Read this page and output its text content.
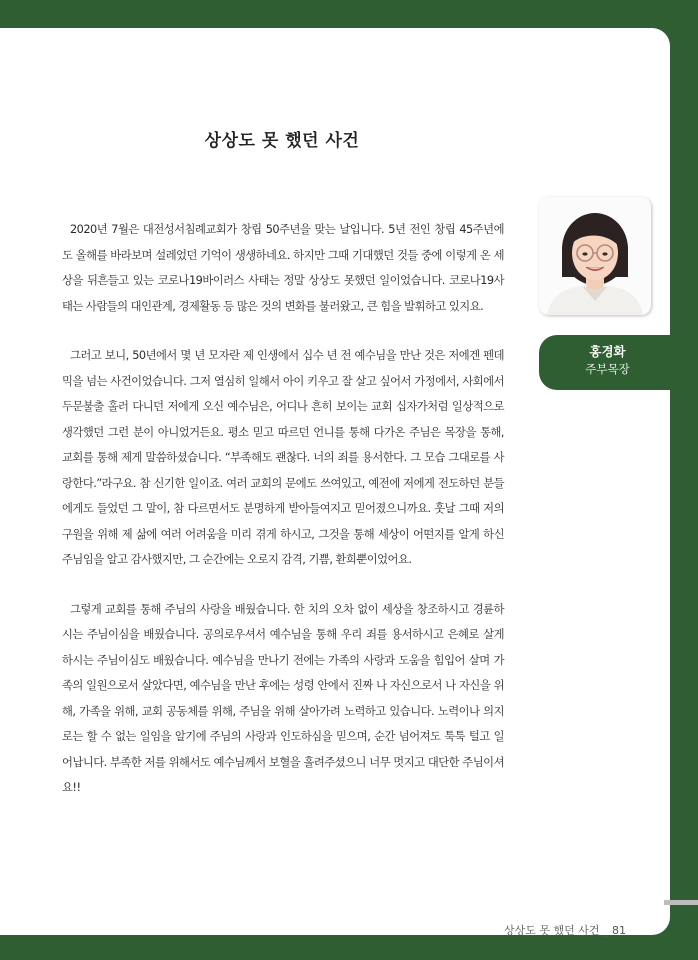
상상도 못 했던 사건

2020년 7월은 대전성서침례교회가 창립 50주년을 맞는 날입니다. 5년 전인 창립 45주년에도 올해를 바라보며 설레었던 기억이 생생하네요. 하지만 그때 기대했던 것들 중에 이렇게 온 세상을 뒤흔들고 있는 코로나19바이러스 사태는 정말 상상도 못했던 일이었습니다. 코로나19사태는 사람들의 대인관계, 경제활동 등 많은 것의 변화를 불러왔고, 큰 힘을 발휘하고 있지요.

그러고 보니, 50년에서 몇 년 모자란 제 인생에서 십수 년 전 예수님을 만난 것은 저에겐 펜데믹을 넘는 사건이었습니다. 그저 열심히 일해서 아이 키우고 잘 살고 싶어서 가정에서, 사회에서 두문불출 홀러 다니던 저에게 오신 예수님은, 어디나 흔히 보이는 교회 십자가처럼 일상적으로 생각했던 그런 분이 아니었거든요. 평소 믿고 따르던 언니를 통해 다가온 주님은 목장을 통해, 교회를 통해 제게 말씀하셨습니다. “부족해도 괜찮다. 너의 죄를 용서한다. 그 모습 그대로를 사랑한다.”라구요. 참 신기한 일이죠. 여러 교회의 문에도 쓰여있고, 예전에 저에게 전도하던 분들에게도 들었던 그 말이, 참 다르면서도 분명하게 받아들여지고 믿어졌으니까요. 훗날 그때 저의 구원을 위해 제 삶에 여러 어려움을 미리 겪게 하시고, 그것을 통해 세상이 어떤지를 알게 하신 주님임을 알고 감사했지만, 그 순간에는 오로지 감격, 기쁨, 환희뿐이었어요.

그렇게 교회를 통해 주님의 사랑을 배웠습니다. 한 치의 오차 없이 세상을 창조하시고 경륜하시는 주님이심을 배웠습니다. 공의로우셔서 예수님을 통해 우리 죄를 용서하시고 은혜로 살게 하시는 주님이심도 배웠습니다. 예수님을 만나기 전에는 가족의 사랑과 도움을 힘입어 살며 가족의 일원으로서 살았다면, 예수님을 만난 후에는 성령 안에서 진짜 나 자신으로서 나 자신을 위해, 가족을 위해, 교회 공동체를 위해, 주님을 위해 살아가려 노력하고 있습니다. 노력이나 의지로는 할 수 없는 일임을 알기에 주님의 사랑과 인도하심을 믿으며, 순간 넘어져도 툭툭 털고 일어납니다. 부족한 저를 위해서도 예수님께서 보혈을 흘려주셨으니 너무 멋지고 대단한 주님이셔요!!

상상도 못 했던 사건 _ 81
홍경화
주부목장
